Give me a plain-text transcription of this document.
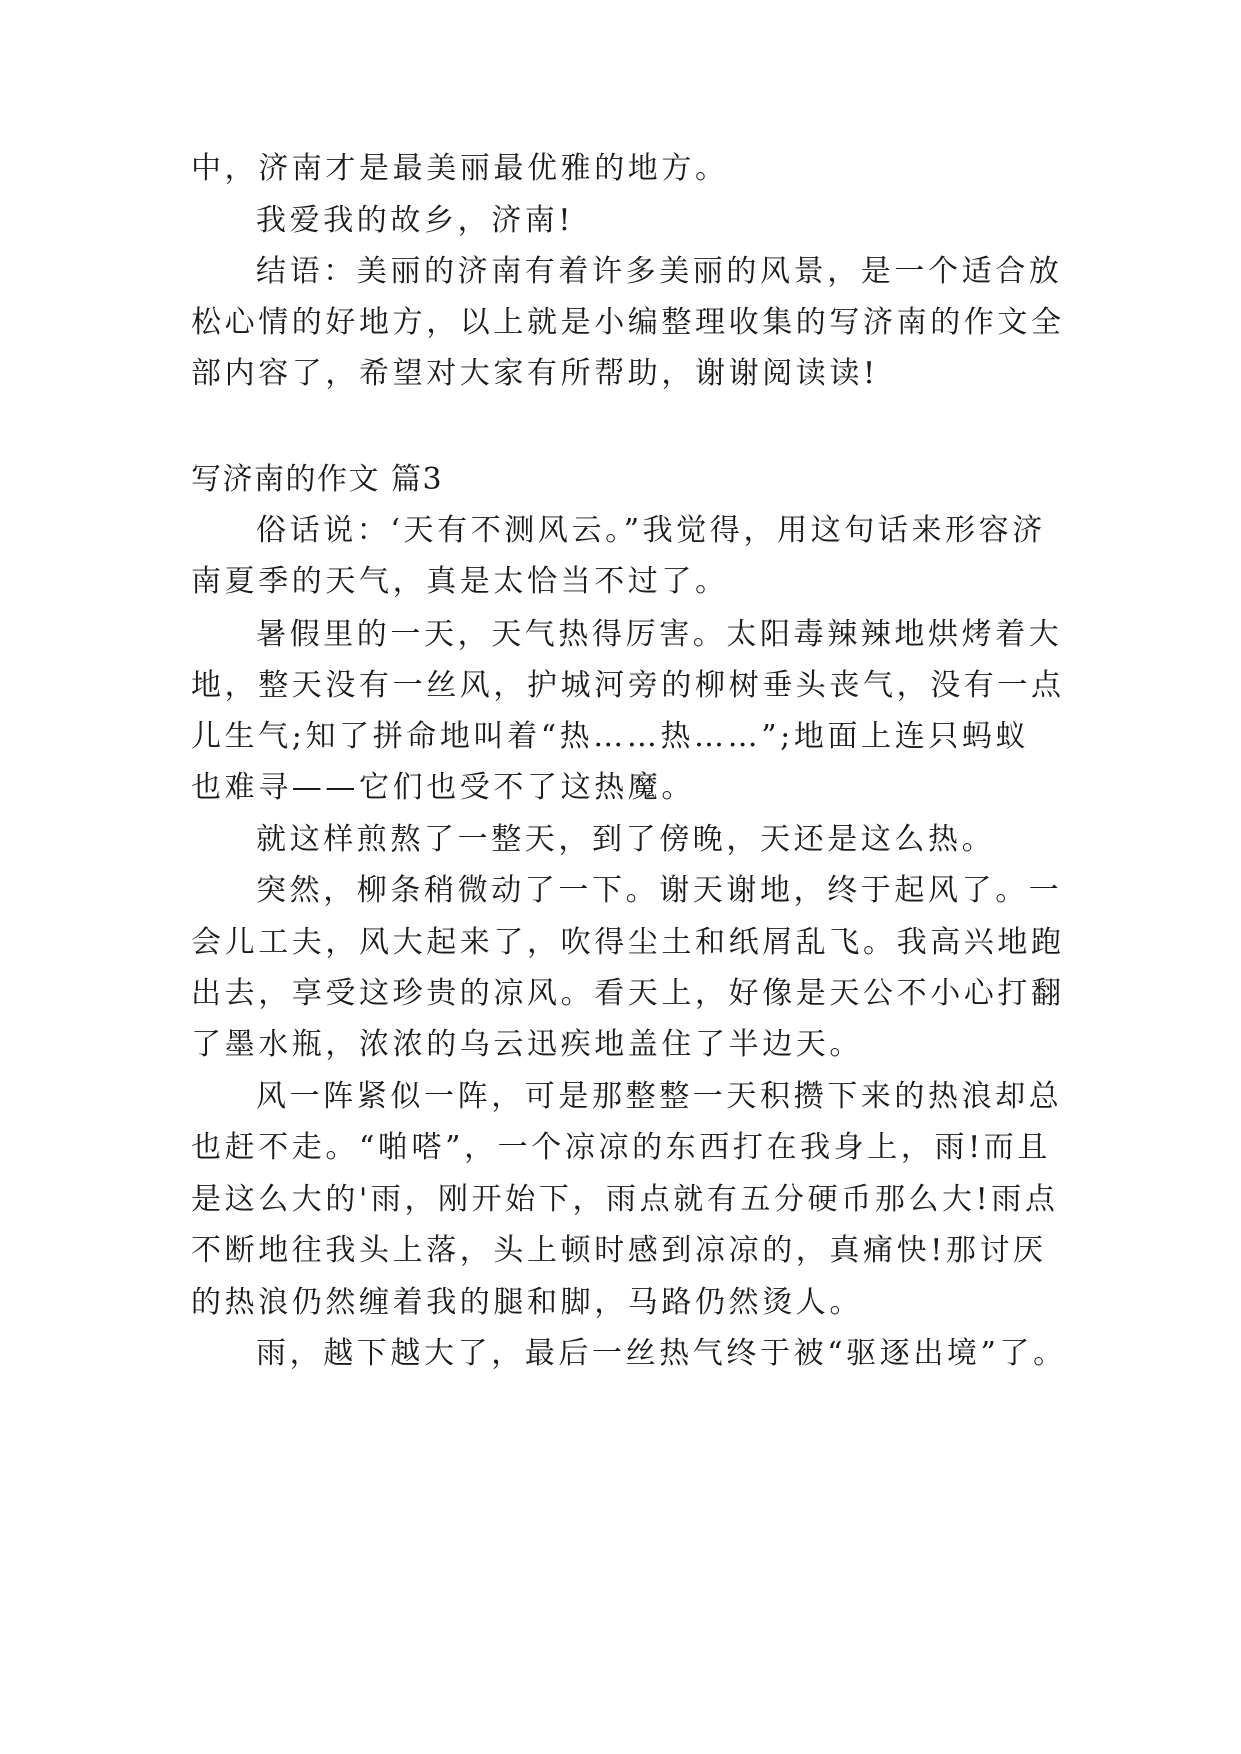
中，济南才是最美丽最优雅的地方。
我爱我的故乡，济南!
结语：美丽的济南有着许多美丽的风景，是一个适合放
松心情的好地方，以上就是小编整理收集的写济南的作文全
部内容了，希望对大家有所帮助，谢谢阅读读!
写济南的作文 篇3
俗话说：‘天有不测风云。”我觉得，用这句话来形容济
南夏季的天气，真是太恰当不过了。
暑假里的一天，天气热得厉害。太阳毒辣辣地烘烤着大
地，整天没有一丝风，护城河旁的柳树垂头丧气，没有一点
儿生气;知了拼命地叫着“热……热……”;地面上连只蚂蚁
也难寻——它们也受不了这热魔。
就这样煎熬了一整天，到了傍晚，天还是这么热。
突然，柳条稍微动了一下。谢天谢地，终于起风了。一
会儿工夫，风大起来了，吹得尘土和纸屑乱飞。我高兴地跑
出去，享受这珍贵的凉风。看天上，好像是天公不小心打翻
了墨水瓶，浓浓的乌云迅疾地盖住了半边天。
风一阵紧似一阵，可是那整整一天积攒下来的热浪却总
也赶不走。“啪嗒”，一个凉凉的东西打在我身上，雨!而且
是这么大的'雨，刚开始下，雨点就有五分硬币那么大!雨点
不断地往我头上落，头上顿时感到凉凉的，真痛快!那讨厌
的热浪仍然缠着我的腿和脚，马路仍然烫人。
雨，越下越大了，最后一丝热气终于被“驱逐出境”了。
